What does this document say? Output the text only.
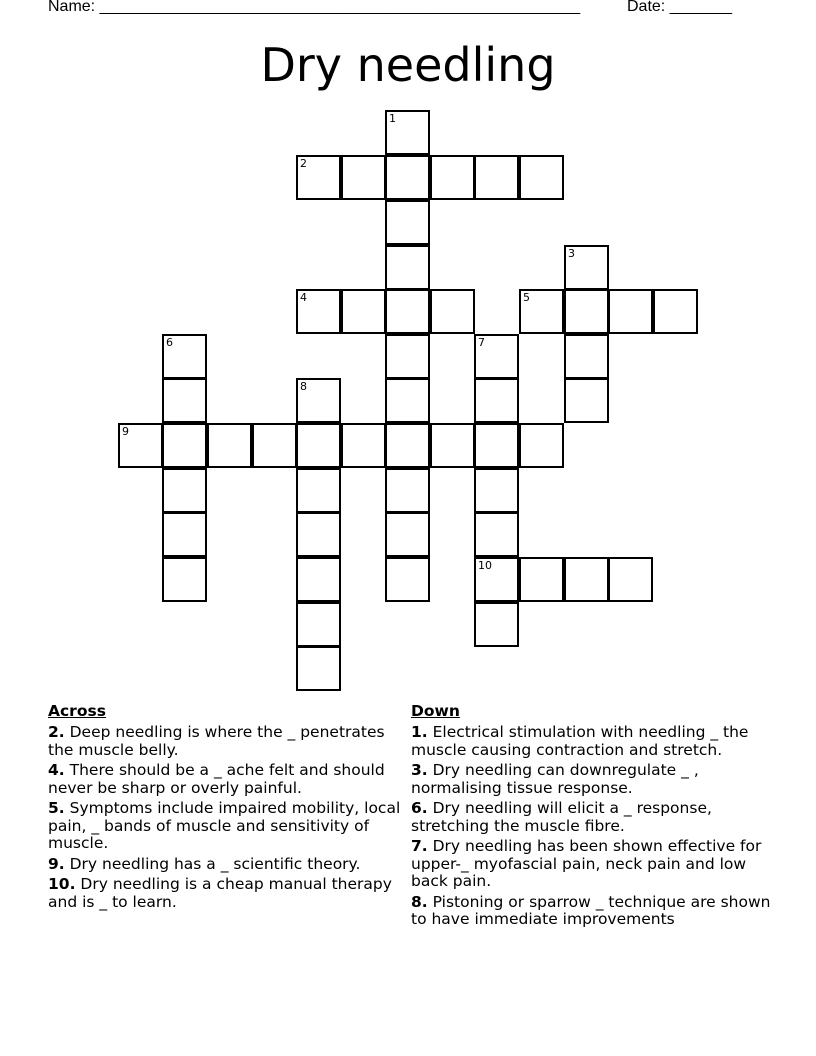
Name: ______________________________________________________	Date: _______
Dry needling
1
2
3
4	5
6	7
8
9
10
Across
2. Deep needling is where the _ penetrates the muscle belly.
4. There should be a _ ache felt and should never be sharp or overly painful.
5. Symptoms include impaired mobility, local pain, _ bands of muscle and sensitivity of muscle.
9. Dry needling has a _ scientific theory.
10. Dry needling is a cheap manual therapy and is _ to learn.
Down
1. Electrical stimulation with needling _ the muscle causing contraction and stretch.
3. Dry needling can downregulate _ , normalising tissue response.
6. Dry needling will elicit a _ response, stretching the muscle fibre.
7. Dry needling has been shown effective for upper-_ myofascial pain, neck pain and low back pain.
8. Pistoning or sparrow _ technique are shown to have immediate improvements
